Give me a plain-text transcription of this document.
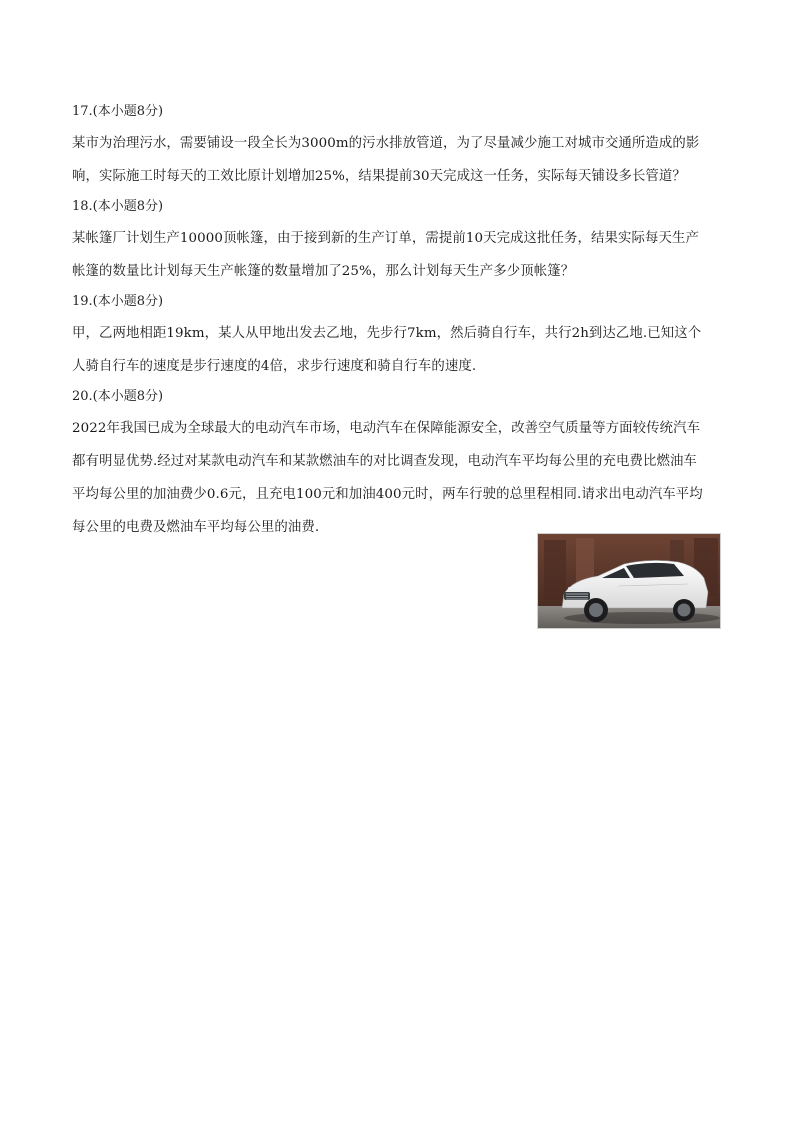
17.(本小题8分)

某市为治理污水，需要铺设一段全长为3000m的污水排放管道，为了尽量减少施工对城市交通所造成的影

响，实际施工时每天的工效比原计划增加25%，结果提前30天完成这一任务，实际每天铺设多长管道？

18.(本小题8分)

某帐篷厂计划生产10000顶帐篷，由于接到新的生产订单，需提前10天完成这批任务，结果实际每天生产

帐篷的数量比计划每天生产帐篷的数量增加了25%，那么计划每天生产多少顶帐篷？

19.(本小题8分)

甲，乙两地相距19km，某人从甲地出发去乙地，先步行7km，然后骑自行车，共行2h到达乙地.已知这个

人骑自行车的速度是步行速度的4倍，求步行速度和骑自行车的速度.

20.(本小题8分)

2022年我国已成为全球最大的电动汽车市场，电动汽车在保障能源安全，改善空气质量等方面较传统汽车

都有明显优势.经过对某款电动汽车和某款燃油车的对比调查发现，电动汽车平均每公里的充电费比燃油车

平均每公里的加油费少0.6元，且充电100元和加油400元时，两车行驶的总里程相同.请求出电动汽车平均

每公里的电费及燃油车平均每公里的油费.
